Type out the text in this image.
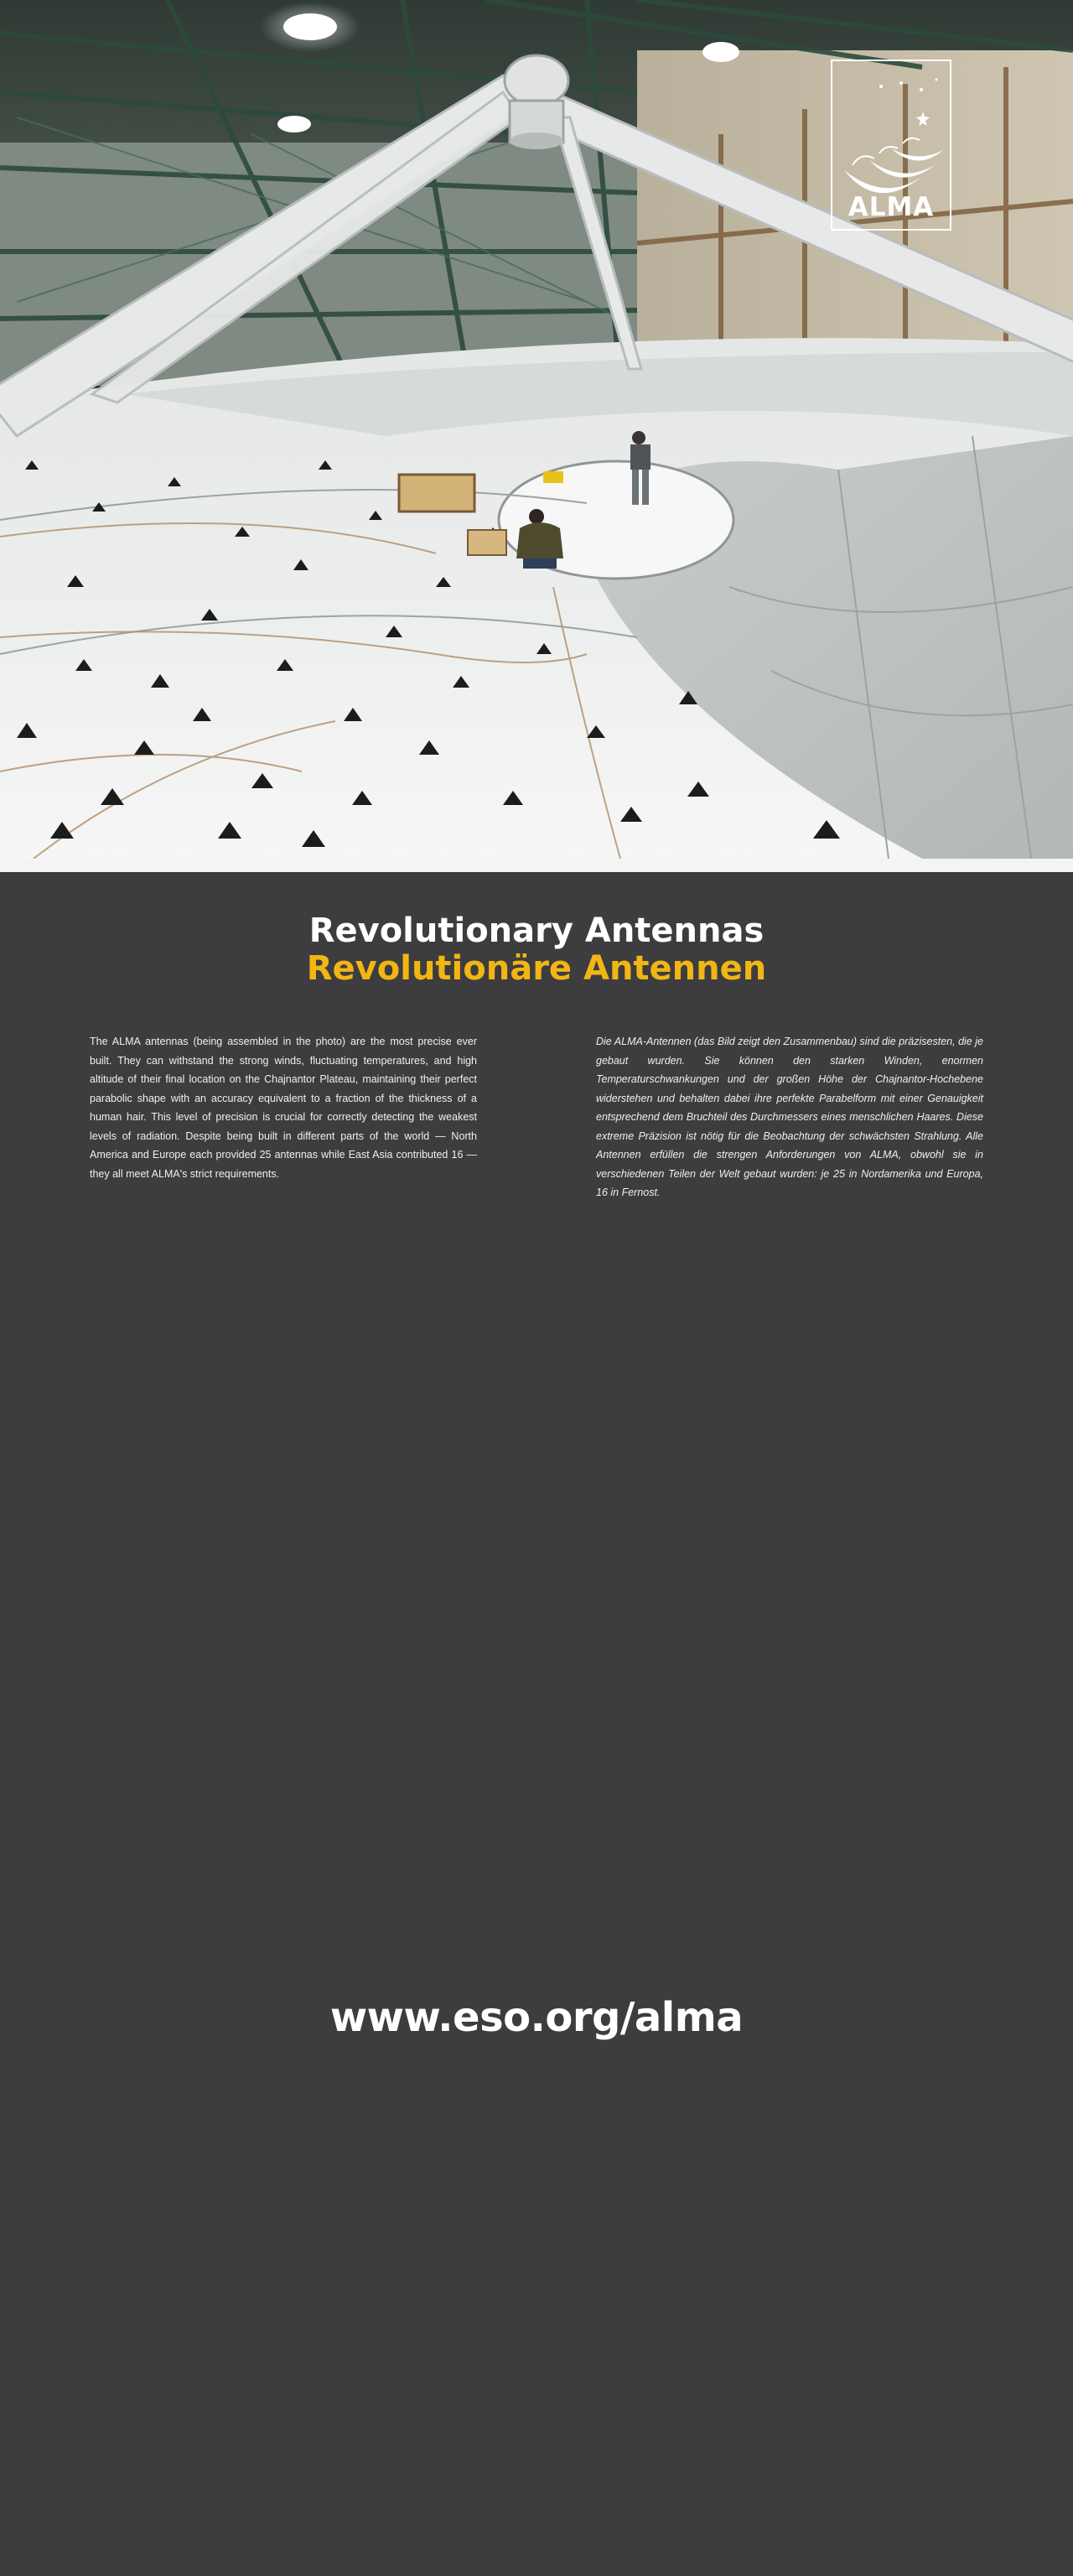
ALMA
Revolutionary Antennas
Revolutionäre Antennen
The ALMA antennas (being assembled in the photo) are the most precise ever built. They can withstand the strong winds, fluctuating temperatures, and high altitude of their final location on the Chajnantor Plateau, maintaining their perfect parabolic shape with an accuracy equivalent to a fraction of the thickness of a human hair. This level of precision is crucial for correctly detecting the weakest levels of radiation. Despite being built in different parts of the world — North America and Europe each provided 25 antennas while East Asia contributed 16 — they all meet ALMA's strict requirements.
Die ALMA-Antennen (das Bild zeigt den Zusammenbau) sind die präzisesten, die je gebaut wurden. Sie können den starken Winden, enormen Temperaturschwankungen und der großen Höhe der Chajnantor-Hochebene widerstehen und behalten dabei ihre perfekte Parabelform mit einer Genauigkeit entsprechend dem Bruchteil des Durchmessers eines menschlichen Haares. Diese extreme Präzision ist nötig für die Beobachtung der schwächsten Strahlung. Alle Antennen erfüllen die strengen Anforderungen von ALMA, obwohl sie in verschiedenen Teilen der Welt gebaut wurden: je 25 in Nordamerika und Europa, 16 in Fernost.
www.eso.org/alma
